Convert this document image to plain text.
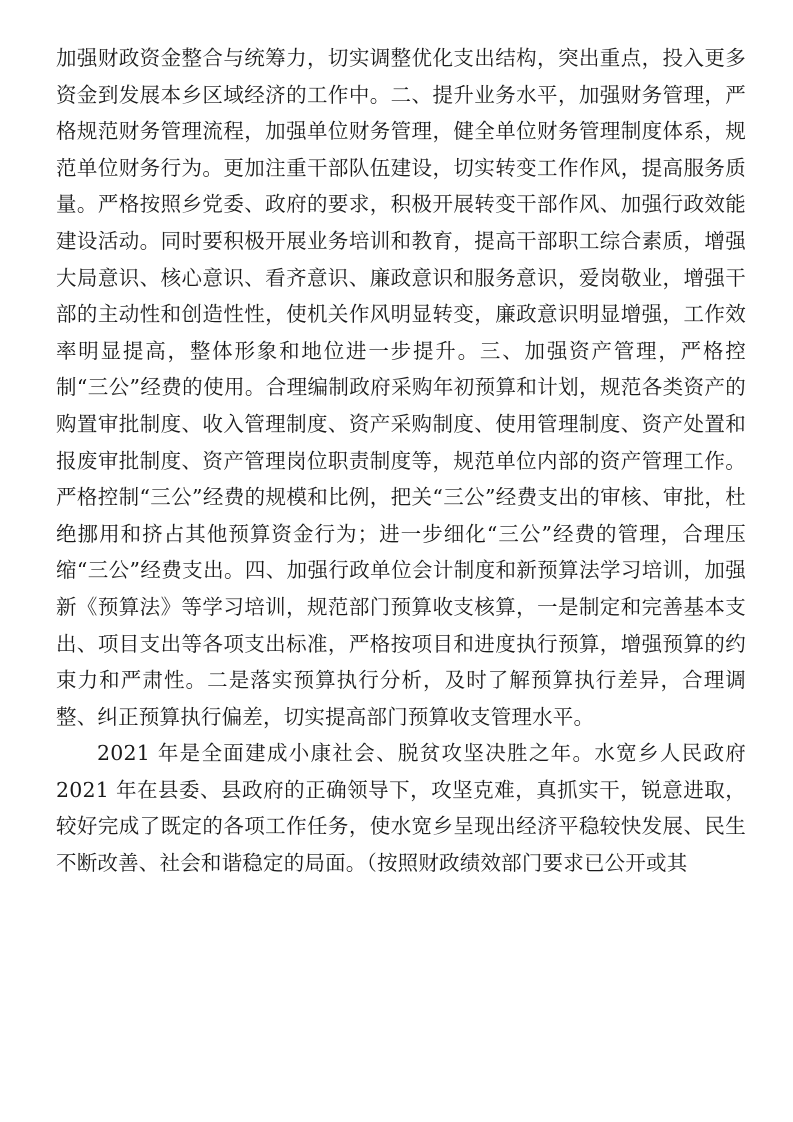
加强财政资金整合与统筹力，切实调整优化支出结构，突出重点，投入更多资金到发展本乡区域经济的工作中。二、提升业务水平，加强财务管理，严格规范财务管理流程，加强单位财务管理，健全单位财务管理制度体系，规范单位财务行为。更加注重干部队伍建设，切实转变工作作风，提高服务质量。严格按照乡党委、政府的要求，积极开展转变干部作风、加强行政效能建设活动。同时要积极开展业务培训和教育，提高干部职工综合素质，增强大局意识、核心意识、看齐意识、廉政意识和服务意识，爱岗敬业，增强干部的主动性和创造性性，使机关作风明显转变，廉政意识明显增强，工作效率明显提高，整体形象和地位进一步提升。三、加强资产管理，严格控制“三公”经费的使用。合理编制政府采购年初预算和计划，规范各类资产的购置审批制度、收入管理制度、资产采购制度、使用管理制度、资产处置和报废审批制度、资产管理岗位职责制度等，规范单位内部的资产管理工作。严格控制“三公”经费的规模和比例，把关“三公”经费支出的审核、审批，杜绝挪用和挤占其他预算资金行为；进一步细化“三公”经费的管理，合理压缩“三公”经费支出。四、加强行政单位会计制度和新预算法学习培训，加强新《预算法》等学习培训，规范部门预算收支核算，一是制定和完善基本支出、项目支出等各项支出标准，严格按项目和进度执行预算，增强预算的约束力和严肃性。二是落实预算执行分析，及时了解预算执行差异，合理调整、纠正预算执行偏差，切实提高部门预算收支管理水平。

2021 年是全面建成小康社会、脱贫攻坚决胜之年。水宽乡人民政府 2021 年在县委、县政府的正确领导下，攻坚克难，真抓实干，锐意进取，较好完成了既定的各项工作任务，使水宽乡呈现出经济平稳较快发展、民生不断改善、社会和谐稳定的局面。（按照财政绩效部门要求已公开或其
